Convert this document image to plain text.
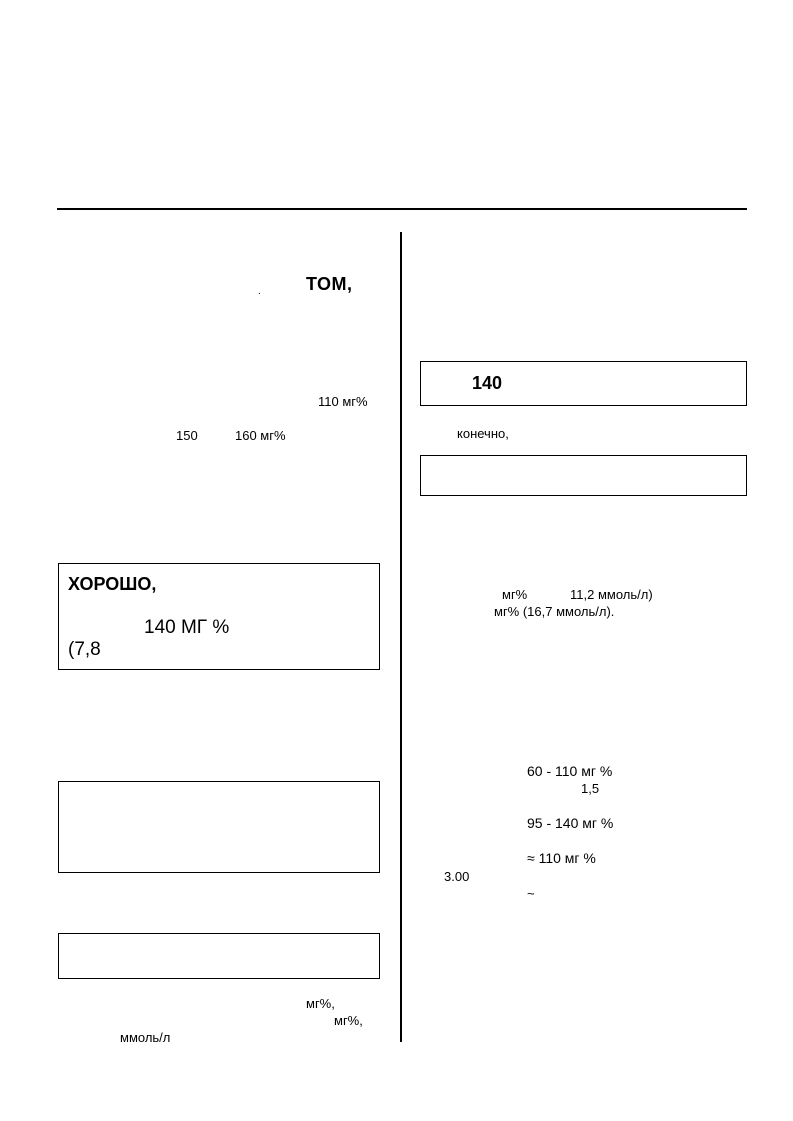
ТОМ,
.
110 мг%
150	160 мг%
ХОРОШО,
140 МГ %
(7,8
мг%,
мг%,
ммоль/л
140
конечно,
мг%	11,2 ммоль/л)
мг% (16,7 ммоль/л).
60 - 110 мг %
1,5
95 - 140 мг %
≈ 110 мг %
3.00
~
